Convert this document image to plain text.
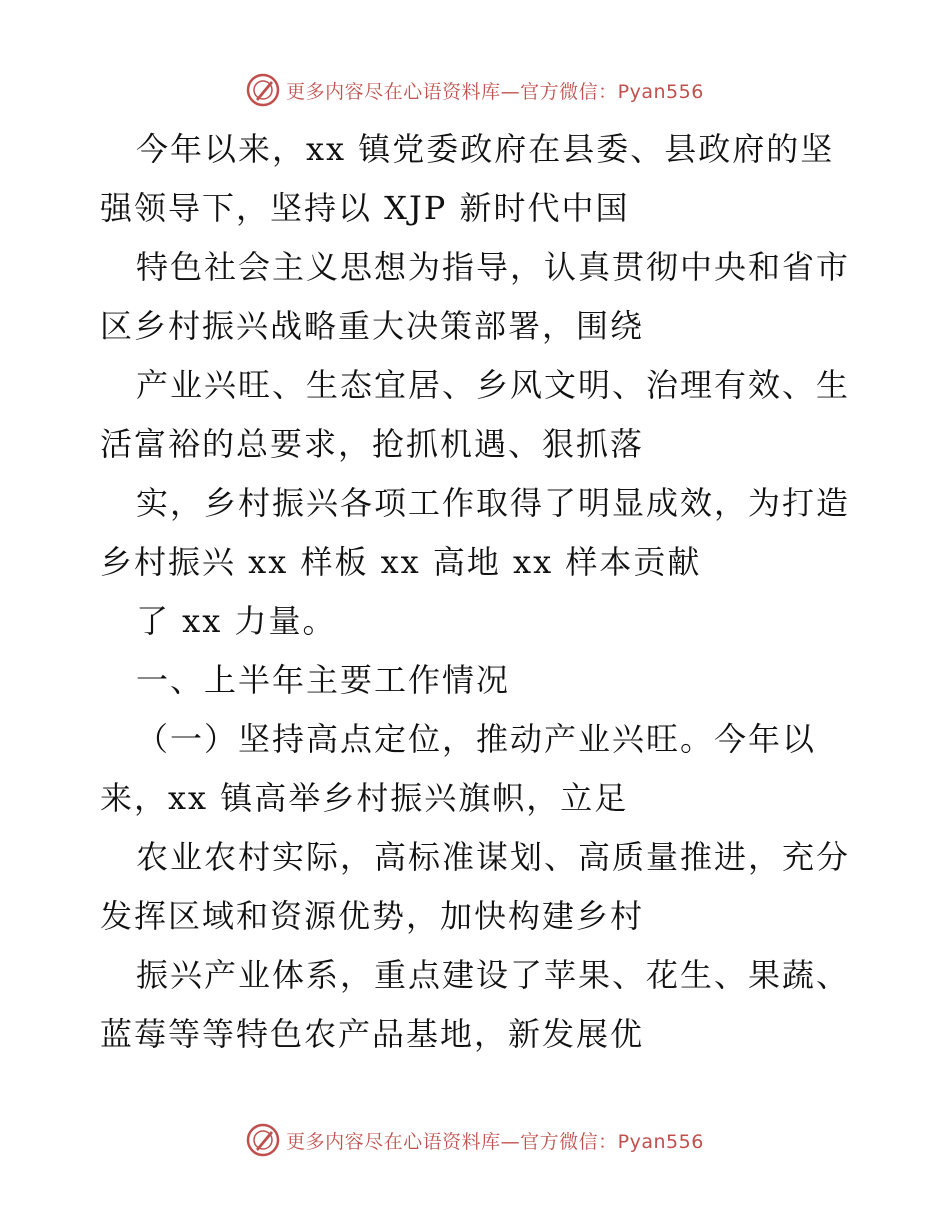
更多内容尽在心语资料库—官方微信：Pyan556
今年以来，xx 镇党委政府在县委、县政府的坚
强领导下，坚持以 XJP 新时代中国
特色社会主义思想为指导，认真贯彻中央和省市
区乡村振兴战略重大决策部署，围绕
产业兴旺、生态宜居、乡风文明、治理有效、生
活富裕的总要求，抢抓机遇、狠抓落
实，乡村振兴各项工作取得了明显成效，为打造
乡村振兴 xx 样板 xx 高地 xx 样本贡献
了 xx 力量。
一、上半年主要工作情况
（一）坚持高点定位，推动产业兴旺。今年以
来，xx 镇高举乡村振兴旗帜，立足
农业农村实际，高标准谋划、高质量推进，充分
发挥区域和资源优势，加快构建乡村
振兴产业体系，重点建设了苹果、花生、果蔬、
蓝莓等等特色农产品基地，新发展优
更多内容尽在心语资料库—官方微信：Pyan556
